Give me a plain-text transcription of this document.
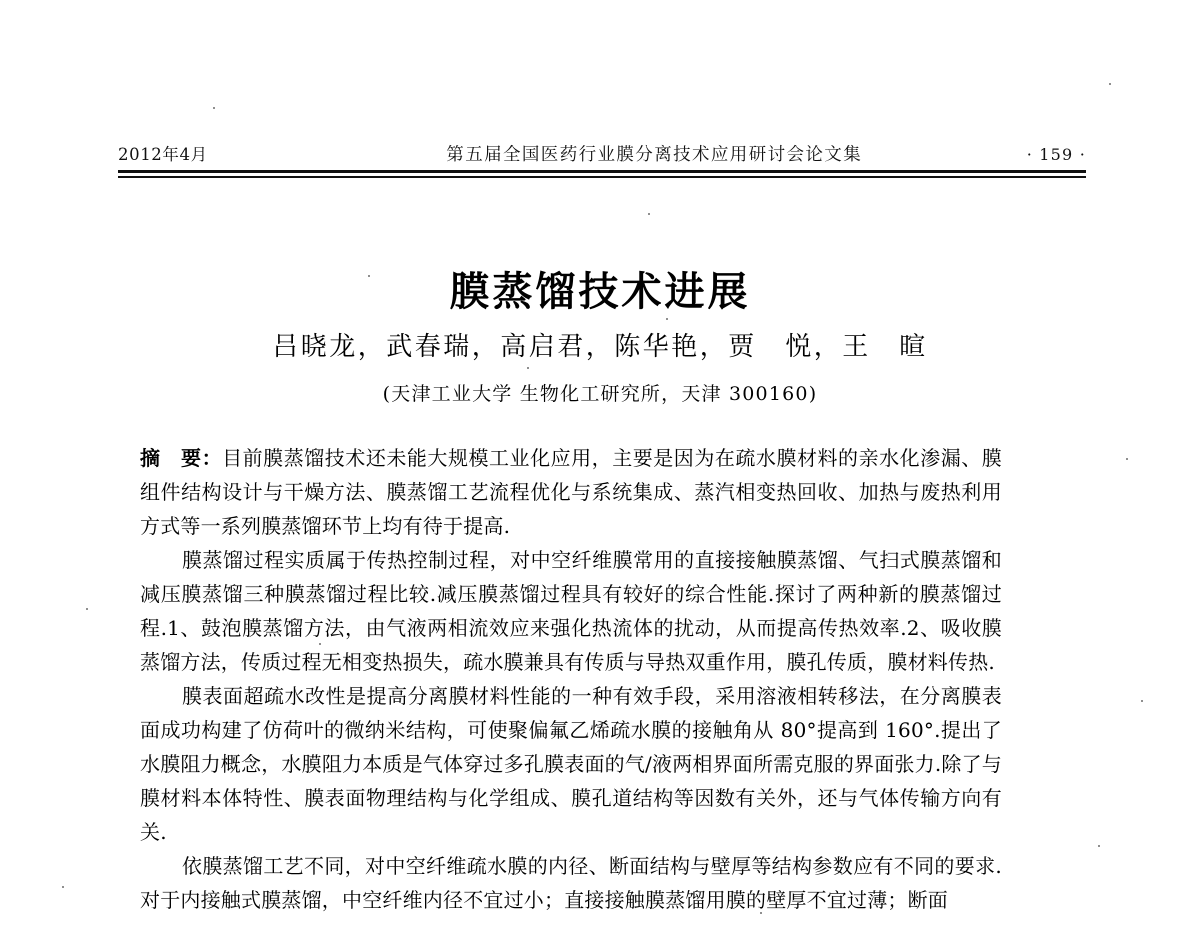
2012年4月	第五届全国医药行业膜分离技术应用研讨会论文集	· 159 ·
膜蒸馏技术进展
吕晓龙，武春瑞，高启君，陈华艳，贾　悦，王　暄
(天津工业大学 生物化工研究所，天津 300160)

摘　要：目前膜蒸馏技术还未能大规模工业化应用，主要是因为在疏水膜材料的亲水化渗漏、膜组件结构设计与干燥方法、膜蒸馏工艺流程优化与系统集成、蒸汽相变热回收、加热与废热利用方式等一系列膜蒸馏环节上均有待于提高.

膜蒸馏过程实质属于传热控制过程，对中空纤维膜常用的直接接触膜蒸馏、气扫式膜蒸馏和减压膜蒸馏三种膜蒸馏过程比较.减压膜蒸馏过程具有较好的综合性能.探讨了两种新的膜蒸馏过程.1、鼓泡膜蒸馏方法，由气液两相流效应来强化热流体的扰动，从而提高传热效率.2、吸收膜蒸馏方法，传质过程无相变热损失，疏水膜兼具有传质与导热双重作用，膜孔传质，膜材料传热.

膜表面超疏水改性是提高分离膜材料性能的一种有效手段，采用溶液相转移法，在分离膜表面成功构建了仿荷叶的微纳米结构，可使聚偏氟乙烯疏水膜的接触角从 80°提高到 160°.提出了水膜阻力概念，水膜阻力本质是气体穿过多孔膜表面的气/液两相界面所需克服的界面张力.除了与膜材料本体特性、膜表面物理结构与化学组成、膜孔道结构等因数有关外，还与气体传输方向有关.

依膜蒸馏工艺不同，对中空纤维疏水膜的内径、断面结构与壁厚等结构参数应有不同的要求.对于内接触式膜蒸馏，中空纤维内径不宜过小；直接接触膜蒸馏用膜的壁厚不宜过薄；断面
